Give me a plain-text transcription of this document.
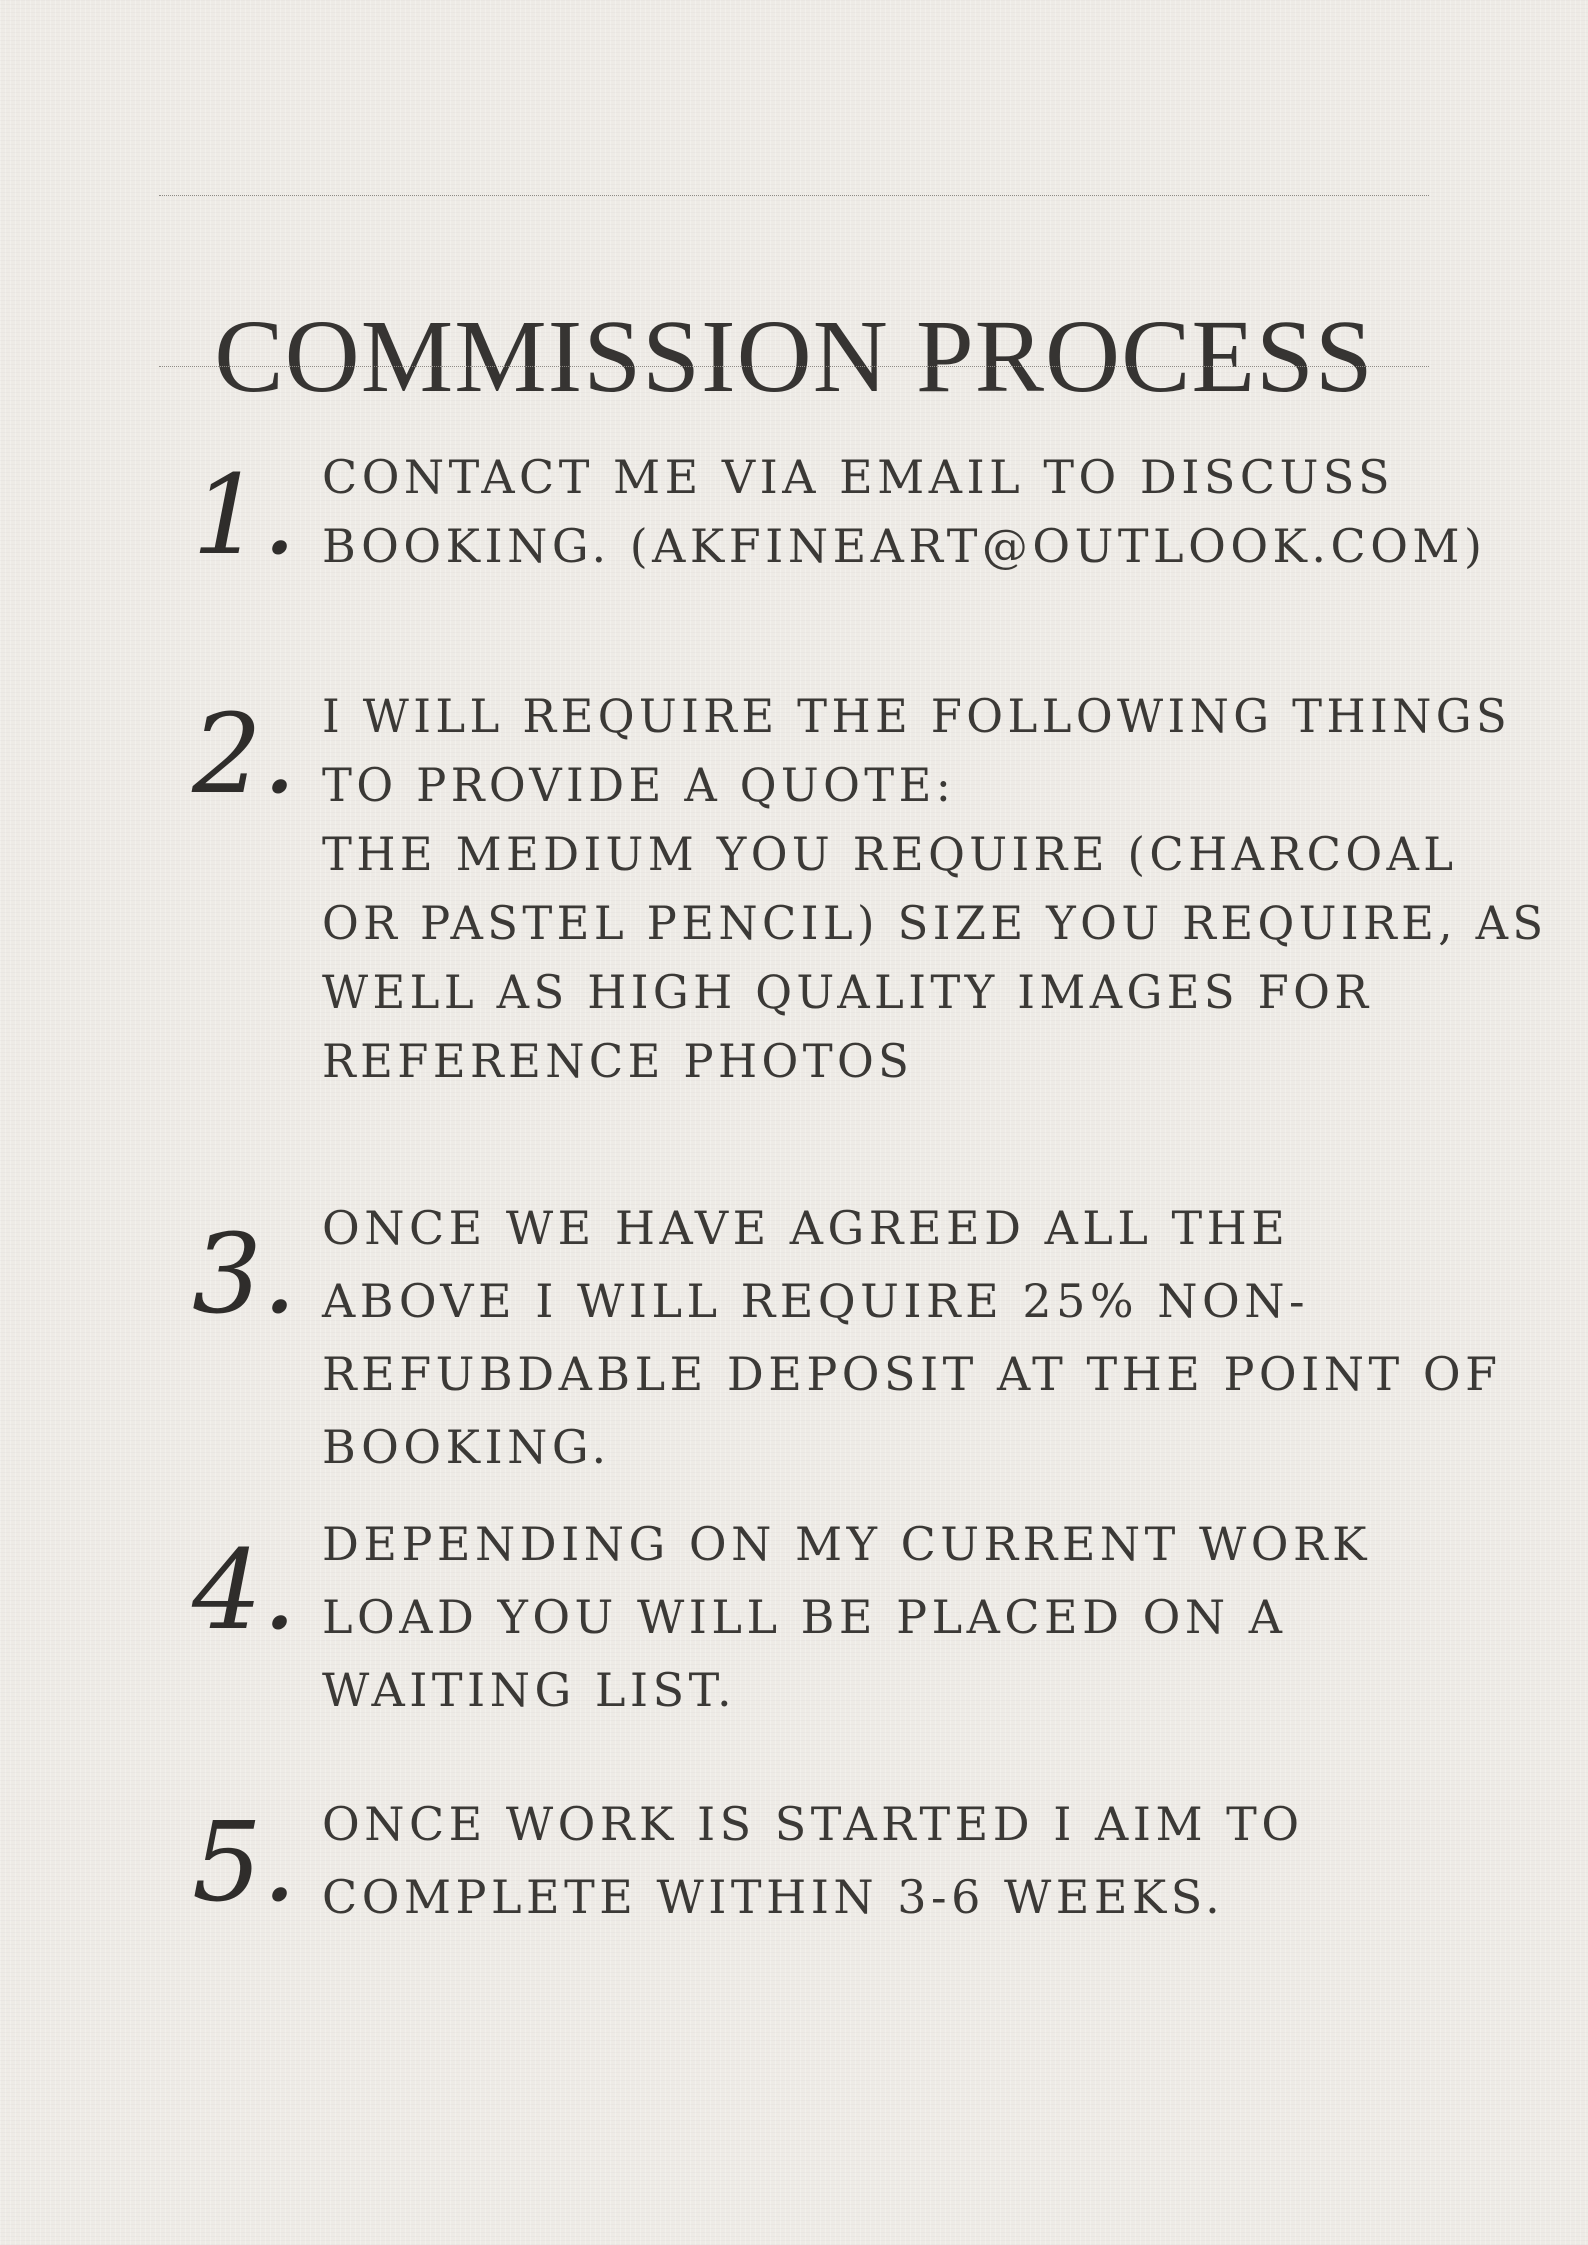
COMMISSION PROCESS
1. CONTACT ME VIA EMAIL TO DISCUSS
BOOKING. (AKFINEART@OUTLOOK.COM)
2. I WILL REQUIRE THE FOLLOWING THINGS
TO PROVIDE A QUOTE:
THE MEDIUM YOU REQUIRE (CHARCOAL
OR PASTEL PENCIL) SIZE YOU REQUIRE, AS
WELL AS HIGH QUALITY IMAGES FOR
REFERENCE PHOTOS
3. ONCE WE HAVE AGREED ALL THE
ABOVE I WILL REQUIRE 25% NON-
REFUBDABLE DEPOSIT AT THE POINT OF
BOOKING.
4. DEPENDING ON MY CURRENT WORK
LOAD YOU WILL BE PLACED ON A
WAITING LIST.
5. ONCE WORK IS STARTED I AIM TO
COMPLETE WITHIN 3-6 WEEKS.
